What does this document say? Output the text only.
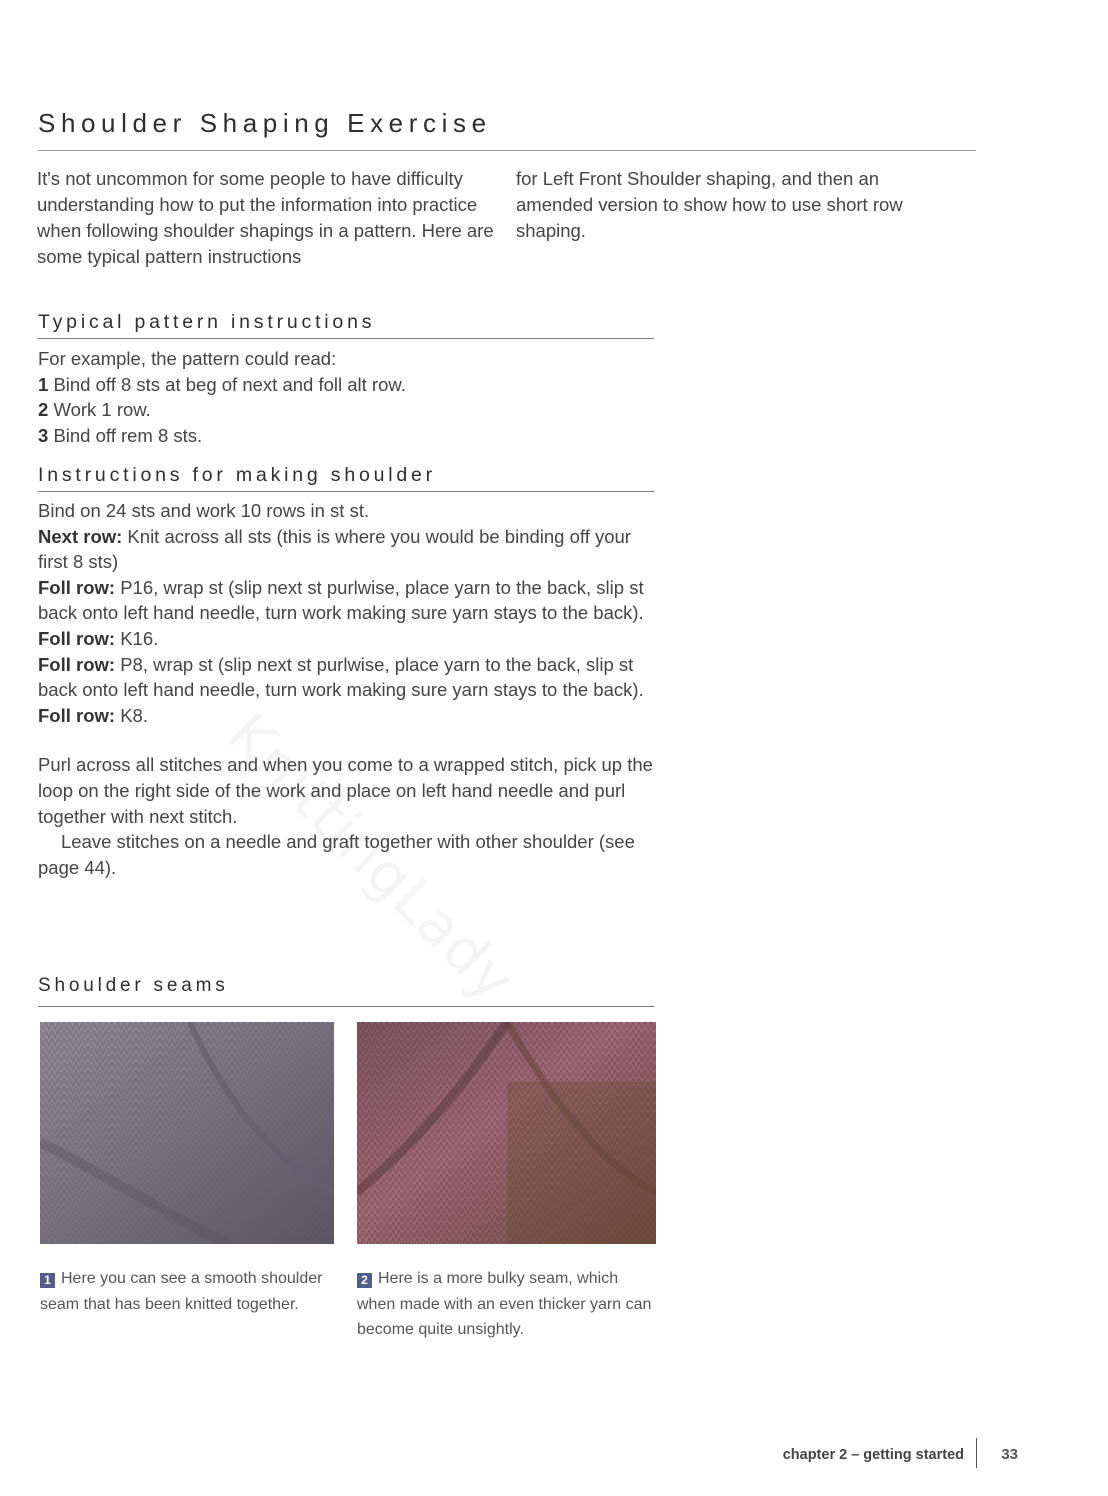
Shoulder Shaping Exercise

It's not uncommon for some people to have difficulty understanding how to put the information into practice when following shoulder shapings in a pattern. Here are some typical pattern instructions

for Left Front Shoulder shaping, and then an amended version to show how to use short row shaping.

Typical pattern instructions

For example, the pattern could read:

1 Bind off 8 sts at beg of next and foll alt row.

2 Work 1 row.

3 Bind off rem 8 sts.

Instructions for making shoulder

Bind on 24 sts and work 10 rows in st st.

Next row: Knit across all sts (this is where you would be binding off your first 8 sts)

Foll row: P16, wrap st (slip next st purlwise, place yarn to the back, slip st back onto left hand needle, turn work making sure yarn stays to the back).

Foll row: K16.

Foll row: P8, wrap st (slip next st purlwise, place yarn to the back, slip st back onto left hand needle, turn work making sure yarn stays to the back).

Foll row: K8.

Purl across all stitches and when you come to a wrapped stitch, pick up the loop on the right side of the work and place on left hand needle and purl together with next stitch.

Leave stitches on a needle and graft together with other shoulder (see page 44).

Shoulder seams
1 Here you can see a smooth shoulder seam that has been knitted together.
2 Here is a more bulky seam, which when made with an even thicker yarn can become quite unsightly.
chapter 2 – getting started 33
